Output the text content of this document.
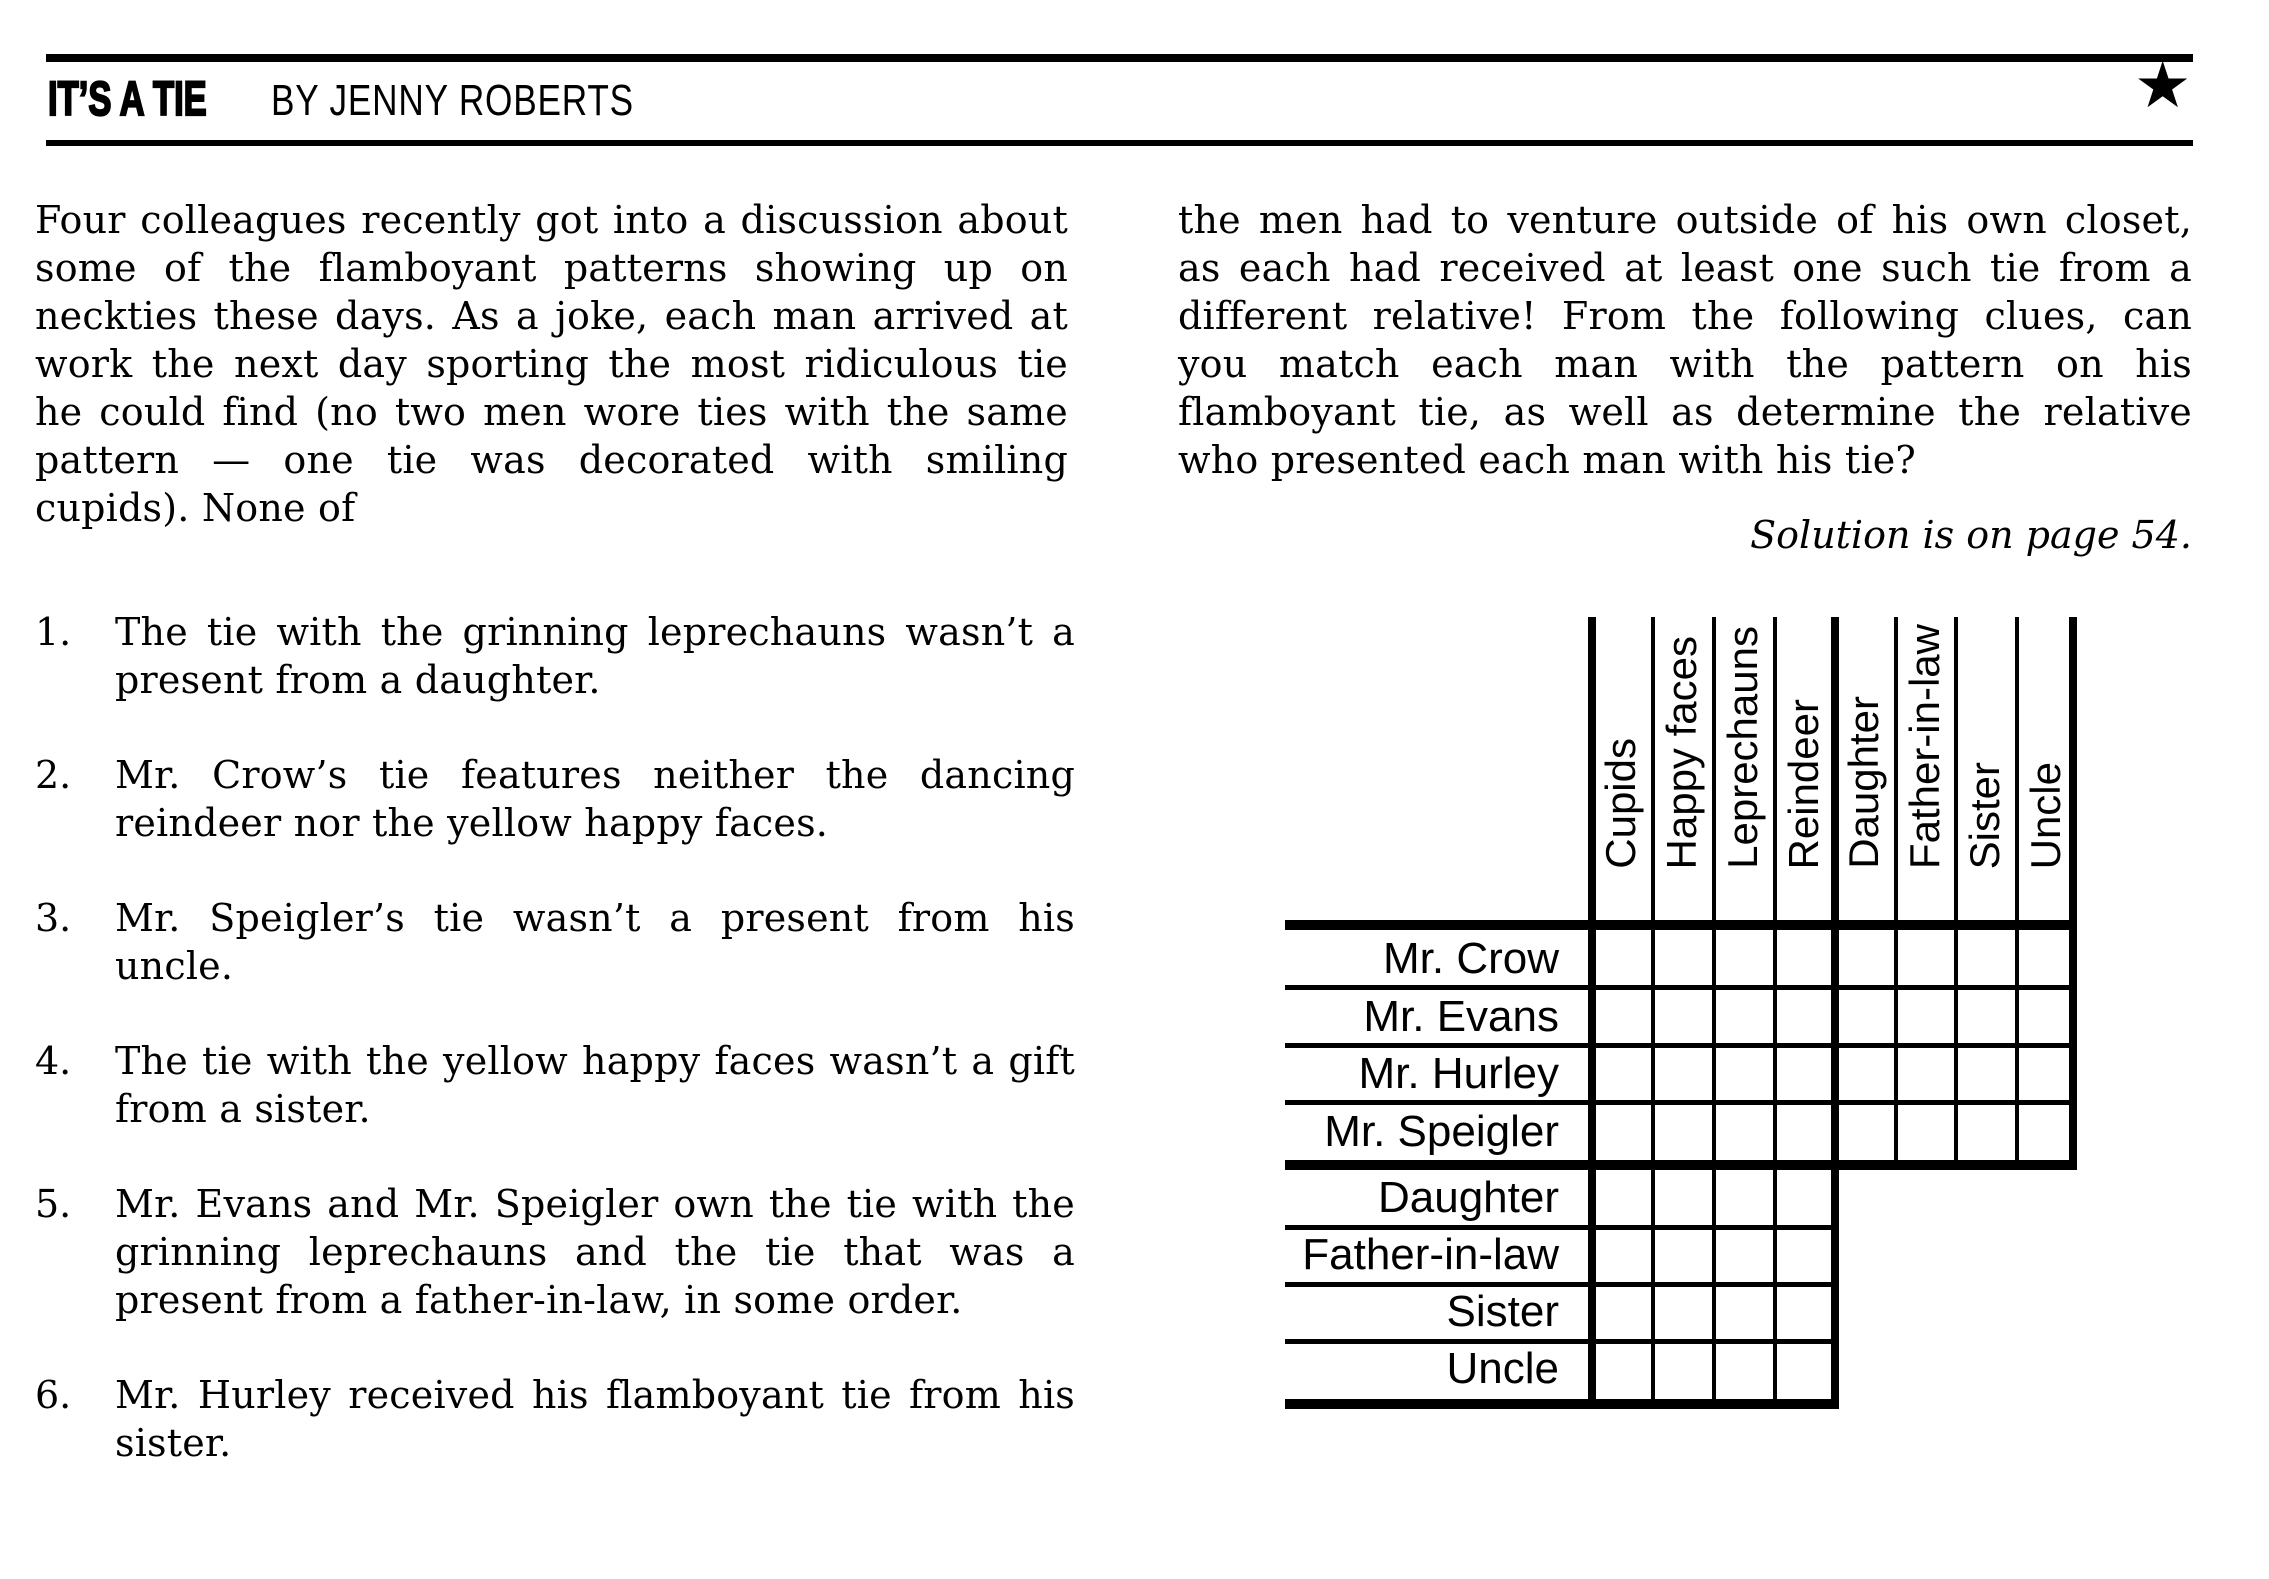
IT’S A TIE BY JENNY ROBERTS	★

Four colleagues recently got into a discussion about some of the flamboyant patterns showing up on neckties these days. As a joke, each man arrived at work the next day sporting the most ridiculous tie he could find (no two men wore ties with the same pattern — one tie was decorated with smiling cupids). None of

the men had to venture outside of his own closet, as each had received at least one such tie from a different relative! From the following clues, can you match each man with the pattern on his flamboyant tie, as well as determine the relative who presented each man with his tie?

Solution is on page 54.

1.	The tie with the grinning leprechauns wasn’t a present from a daughter.
2.	Mr. Crow’s tie features neither the dancing reindeer nor the yellow happy faces.
3.	Mr. Speigler’s tie wasn’t a present from his uncle.
4.	The tie with the yellow happy faces wasn’t a gift from a sister.
5.	Mr. Evans and Mr. Speigler own the tie with the grinning leprechauns and the tie that was a present from a father-in-law, in some order.
6.	Mr. Hurley received his flamboyant tie from his sister.
Cupids Happy faces Leprechauns Reindeer Daughter Father-in-law Sister Uncle
Mr. Crow
Mr. Evans
Mr. Hurley
Mr. Speigler
Daughter
Father-in-law
Sister
Uncle
